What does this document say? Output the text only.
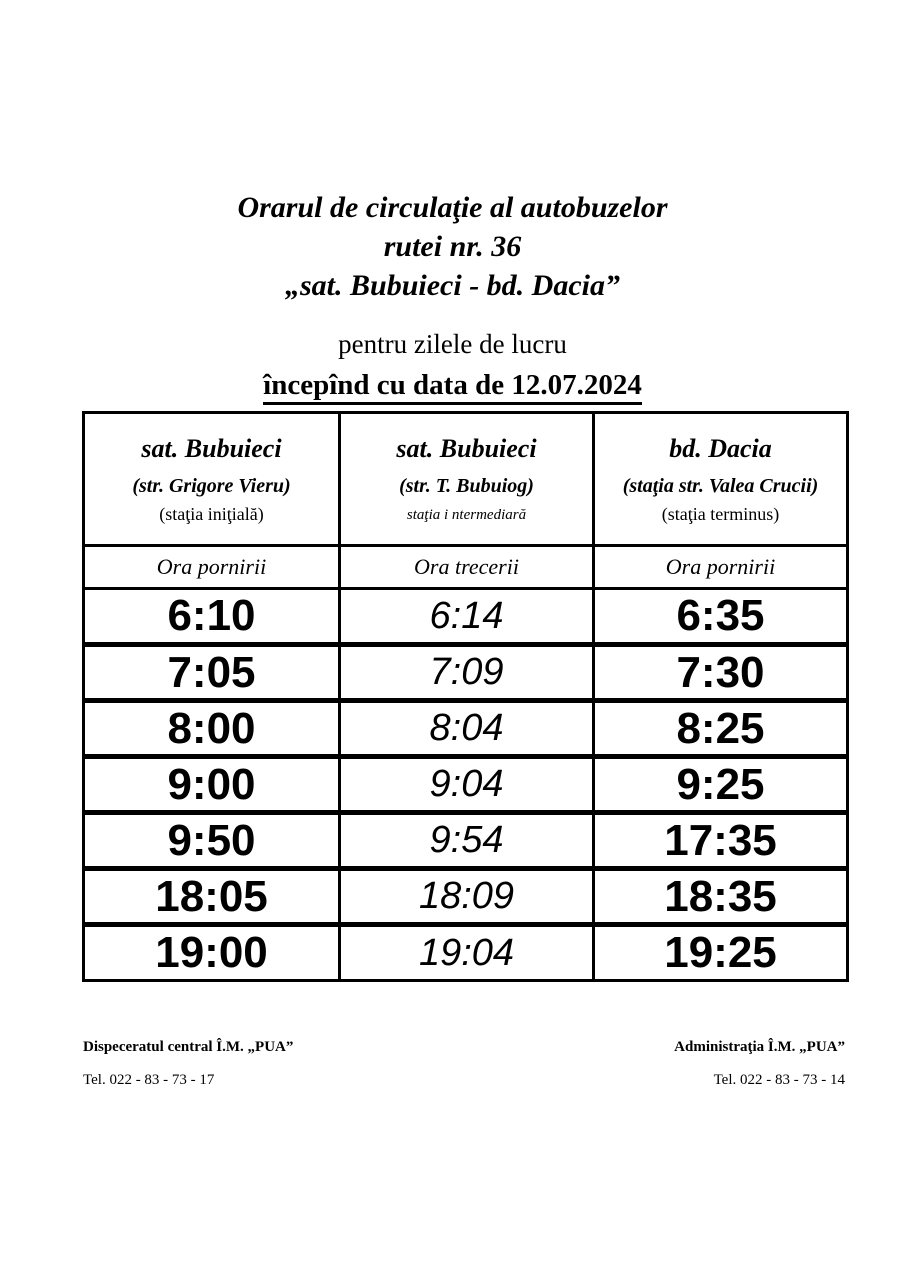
Orarul de circulaţie al autobuzelor
rutei nr. 36
„sat. Bubuieci - bd. Dacia”
pentru zilele de lucru
începînd cu data de 12.07.2024
sat. Bubuieci
(str. Grigore Vieru)
(staţia iniţială)

sat. Bubuieci
(str. T. Bubuiog)
staţia i ntermediară

bd. Dacia
(staţia str. Valea Crucii)
(staţia terminus)

Ora pornirii	Ora trecerii	Ora pornirii
6:10	6:14	6:35
7:05	7:09	7:30
8:00	8:04	8:25
9:00	9:04	9:25
9:50	9:54	17:35
18:05	18:09	18:35
19:00	19:04	19:25
Dispeceratul central Î.M. „PUA”
Tel. 022 - 83 - 73 - 17
Administraţia Î.M. „PUA”
Tel. 022 - 83 - 73 - 14
